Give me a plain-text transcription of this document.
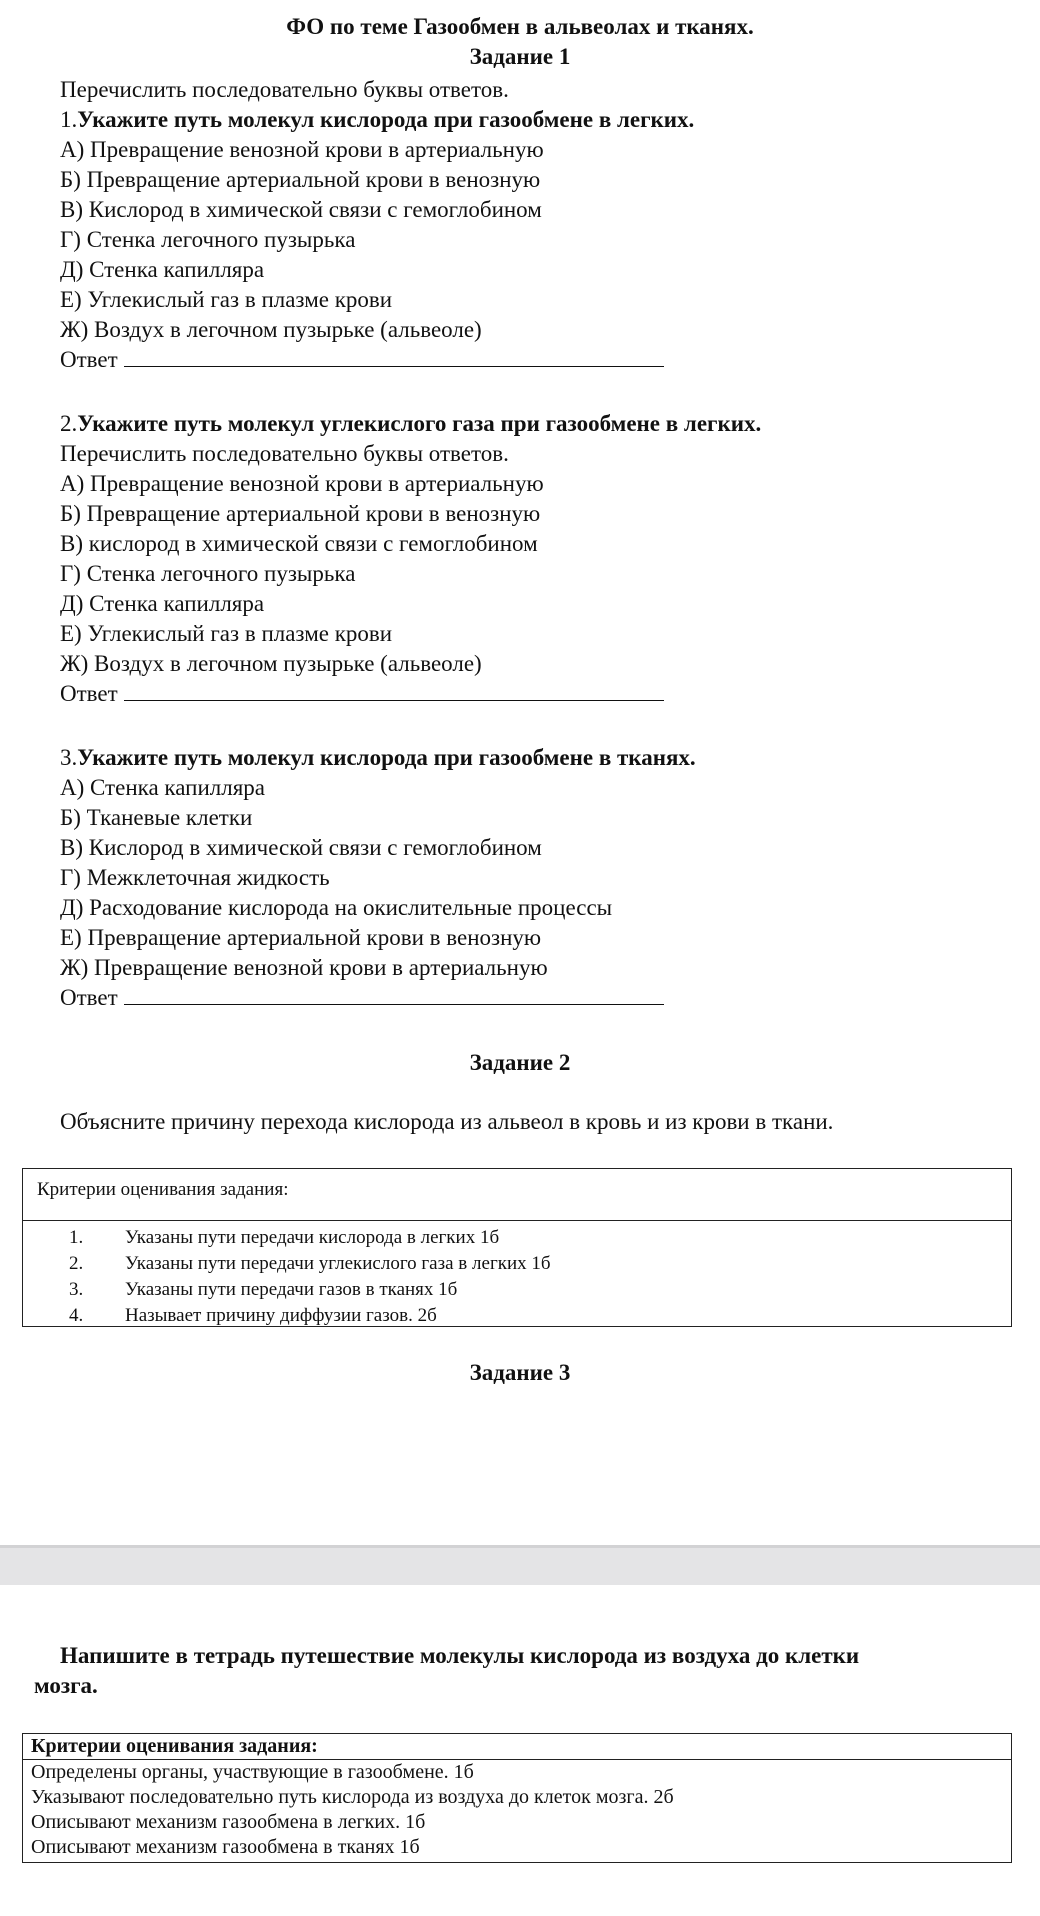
ФО по теме Газообмен в альвеолах и тканях.
Задание 1
Перечислить последовательно буквы ответов.
1.Укажите путь молекул кислорода при газообмене в легких.
А) Превращение венозной крови в артериальную
Б) Превращение артериальной крови в венозную
В) Кислород в химической связи с гемоглобином
Г) Стенка легочного пузырька
Д) Стенка капилляра
Е) Углекислый газ в плазме крови
Ж) Воздух в легочном пузырьке (альвеоле)
Ответ
2.Укажите путь молекул углекислого газа при газообмене в легких.
Перечислить последовательно буквы ответов.
А) Превращение венозной крови в артериальную
Б) Превращение артериальной крови в венозную
В) кислород в химической связи с гемоглобином
Г) Стенка легочного пузырька
Д) Стенка капилляра
Е) Углекислый газ в плазме крови
Ж) Воздух в легочном пузырьке (альвеоле)
Ответ
3.Укажите путь молекул кислорода при газообмене в тканях.
А) Стенка капилляра
Б) Тканевые клетки
В) Кислород в химической связи с гемоглобином
Г) Межклеточная жидкость
Д) Расходование кислорода на окислительные процессы
Е) Превращение артериальной крови в венозную
Ж) Превращение венозной крови в артериальную
Ответ
Задание 2
Объясните причину перехода кислорода из альвеол в кровь и из крови в ткани.
Критерии оценивания задания:
1.	Указаны пути передачи кислорода в легких 1б
2.	Указаны пути передачи углекислого газа в легких 1б
3.	Указаны пути передачи газов в тканях 1б
4.	Называет причину диффузии газов. 2б
Задание 3
Напишите в тетрадь путешествие молекулы кислорода из воздуха до клетки
мозга.
Критерии оценивания задания:
Определены органы, участвующие в газообмене. 1б
Указывают последовательно путь кислорода из воздуха до клеток мозга. 2б
Описывают механизм газообмена в легких. 1б
Описывают механизм газообмена в тканях 1б
